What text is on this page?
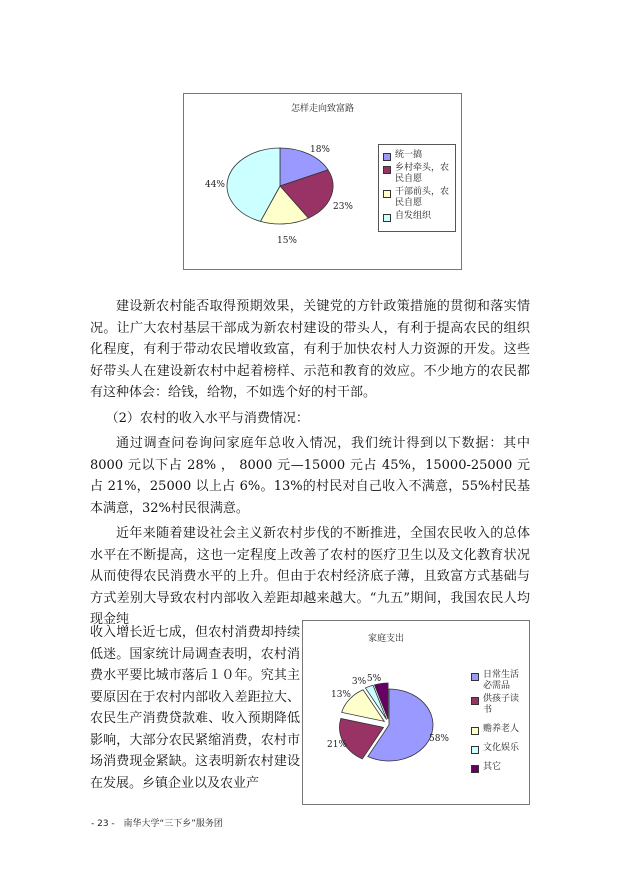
怎样走向致富路
18%
23%
15%
44%
统一搞
乡村牵头，农民自愿
干部前头，农民自愿
自发组织

建设新农村能否取得预期效果，关键党的方针政策措施的贯彻和落实情况。让广大农村基层干部成为新农村建设的带头人，有利于提高农民的组织化程度，有利于带动农民增收致富，有利于加快农村人力资源的开发。这些好带头人在建设新农村中起着榜样、示范和教育的效应。不少地方的农民都有这种体会：给钱，给物，不如选个好的村干部。

（2）农村的收入水平与消费情况：

通过调查问卷询问家庭年总收入情况，我们统计得到以下数据：其中 8000 元以下占 28% ， 8000 元—15000 元占 45%，15000-25000 元占 21%，25000 以上占 6%。13%的村民对自己收入不满意，55%村民基本满意，32%村民很满意。

近年来随着建设社会主义新农村步伐的不断推进，全国农民收入的总体水平在不断提高，这也一定程度上改善了农村的医疗卫生以及文化教育状况从而使得农民消费水平的上升。但由于农村经济底子薄，且致富方式基础与方式差别大导致农村内部收入差距却越来越大。“九五”期间，我国农民人均现金纯

收入增长近七成，但农村消费却持续 低迷。国家统计局调查表明，农村消费水平要比城市落后１０年。究其主要原因在于农村内部收入差距拉大、农民生产消费贷款难、收入预期降低影响，大部分农民紧缩消费，农村市场消费现金紧缺。这表明新农村建设在发展。乡镇企业以及农业产

家庭支出
58%
21%
13%
3% 5%	日常生活必需品
供孩子读书
赡养老人
文化娱乐
其它
- 23 - 南华大学“三下乡”服务团
